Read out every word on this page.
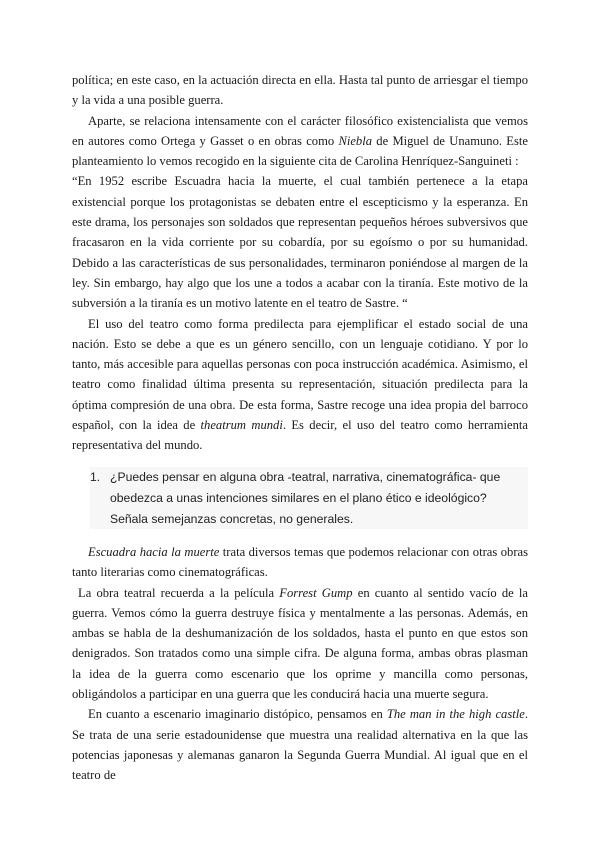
política; en este caso, en la actuación directa en ella. Hasta tal punto de arriesgar el tiempo y la vida a una posible guerra.

Aparte, se relaciona intensamente con el carácter filosófico existencialista que vemos en autores como Ortega y Gasset o en obras como Niebla de Miguel de Unamuno. Este planteamiento lo vemos recogido en la siguiente cita de Carolina Henríquez-Sanguineti :

“En 1952 escribe Escuadra hacia la muerte, el cual también pertenece a la etapa existencial porque los protagonistas se debaten entre el escepticismo y la esperanza. En este drama, los personajes son soldados que representan pequeños héroes subversivos que fracasaron en la vida corriente por su cobardía, por su egoísmo o por su humanidad. Debido a las características de sus personalidades, terminaron poniéndose al margen de la ley. Sin embargo, hay algo que los une a todos a acabar con la tiranía. Este motivo de la subversión a la tiranía es un motivo latente en el teatro de Sastre. “

El uso del teatro como forma predilecta para ejemplificar el estado social de una nación. Esto se debe a que es un género sencillo, con un lenguaje cotidiano. Y por lo tanto, más accesible para aquellas personas con poca instrucción académica. Asimismo, el teatro como finalidad última presenta su representación, situación predilecta para la óptima compresión de una obra. De esta forma, Sastre recoge una idea propia del barroco español, con la idea de theatrum mundi. Es decir, el uso del teatro como herramienta representativa del mundo.

1. ¿Puedes pensar en alguna obra -teatral, narrativa, cinematográfica- que obedezca a unas intenciones similares en el plano ético e ideológico? Señala semejanzas concretas, no generales.

Escuadra hacia la muerte trata diversos temas que podemos relacionar con otras obras tanto literarias como cinematográficas.

La obra teatral recuerda a la película Forrest Gump en cuanto al sentido vacío de la guerra. Vemos cómo la guerra destruye física y mentalmente a las personas. Además, en ambas se habla de la deshumanización de los soldados, hasta el punto en que estos son denigrados. Son tratados como una simple cifra. De alguna forma, ambas obras plasman la idea de la guerra como escenario que los oprime y mancilla como personas, obligándolos a participar en una guerra que les conducirá hacia una muerte segura.

En cuanto a escenario imaginario distópico, pensamos en The man in the high castle. Se trata de una serie estadounidense que muestra una realidad alternativa en la que las potencias japonesas y alemanas ganaron la Segunda Guerra Mundial. Al igual que en el teatro de
